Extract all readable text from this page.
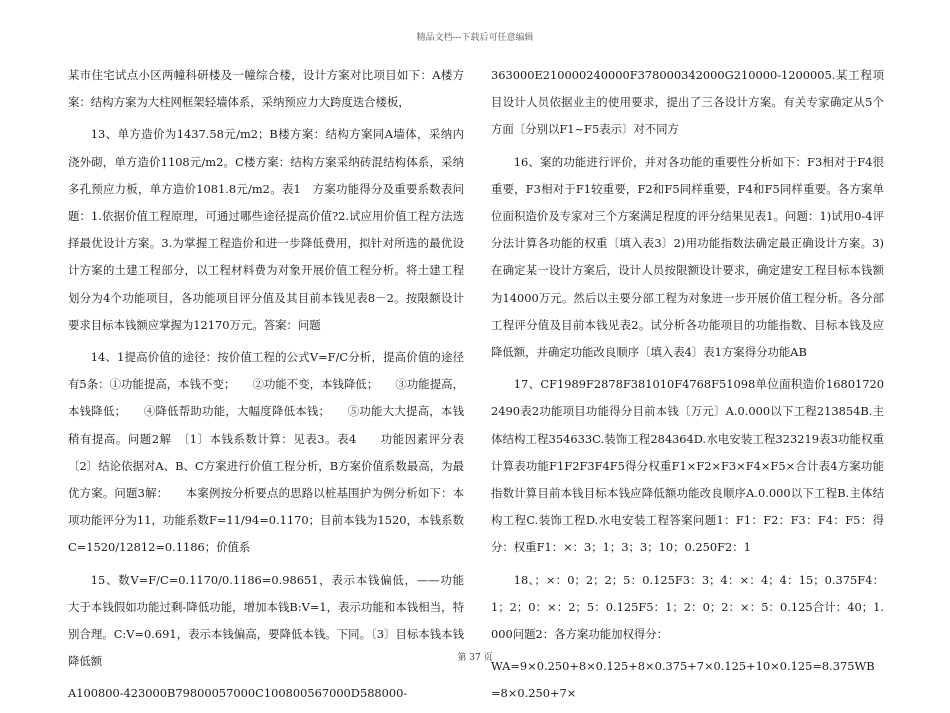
精品文档---下载后可任意编辑

某市住宅试点小区两幢科研楼及一幢综合楼，设计方案对比项目如下：A楼方案：结构方案为大柱网框架轻墙体系，采纳预应力大跨度迭合楼板，

13、单方造价为1437.58元/m2；B楼方案：结构方案同A墙体，采纳内浇外砌，单方造价1108元/m2。C楼方案：结构方案采纳砖混结构体系，采纳多孔预应力板，单方造价1081.8元/m2。表1　方案功能得分及重要系数表问题：1.依据价值工程原理，可通过哪些途径提高价值?2.试应用价值工程方法选择最优设计方案。3.为掌握工程造价和进一步降低费用，拟针对所选的最优设计方案的土建工程部分，以工程材料费为对象开展价值工程分析。将土建工程划分为4个功能项目，各功能项目评分值及其目前本钱见表8－2。按限额设计要求目标本钱额应掌握为12170万元。答案：问题

14、1提高价值的途径：按价值工程的公式V=F/C分析，提高价值的途径有5条：①功能提高，本钱不变；　　②功能不变，本钱降低；　　③功能提高，本钱降低；　　④降低帮助功能，大幅度降低本钱；　　⑤功能大大提高，本钱稍有提高。问题2解　〔1〕本钱系数计算：见表3。表4　　功能因素评分表〔2〕结论依据对A、B、C方案进行价值工程分析，B方案价值系数最高，为最优方案。问题3解：　　本案例按分析要点的思路以桩基围护为例分析如下：本项功能评分为11，功能系数F=11/94=0.1170；目前本钱为1520，本钱系数C=1520/12812=0.1186；价值系

15、数V=F/C=0.1170/0.1186=0.98651，表示本钱偏低，——功能大于本钱假如功能过剩-降低功能，增加本钱B:V=1，表示功能和本钱相当，特别合理。C:V=0.691，表示本钱偏高，要降低本钱。下同。〔3〕目标本钱本钱降低额

A100800-423000B79800057000C100800567000D588000-

363000E210000240000F378000342000G210000-1200005.某工程项目设计人员依据业主的使用要求，提出了三各设计方案。有关专家确定从5个方面〔分别以F1~F5表示〕对不同方

16、案的功能进行评价，并对各功能的重要性分析如下：F3相对于F4很重要，F3相对于F1较重要，F2和F5同样重要，F4和F5同样重要。各方案单位面积造价及专家对三个方案满足程度的评分结果见表1。问题：1)试用0-4评分法计算各功能的权重〔填入表3〕2)用功能指数法确定最正确设计方案。3)在确定某一设计方案后，设计人员按限额设计要求，确定建安工程目标本钱额为14000万元。然后以主要分部工程为对象进一步开展价值工程分析。各分部工程评分值及目前本钱见表2。试分析各功能项目的功能指数、目标本钱及应降低额，并确定功能改良顺序〔填入表4〕表1方案得分功能AB

17、CF1989F2878F381010F4768F51098单位面积造价168017202490表2功能项目功能得分目前本钱〔万元〕A.0.000以下工程213854B.主体结构工程354633C.装饰工程284364D.水电安装工程323219表3功能权重计算表功能F1F2F3F4F5得分权重F1×F2×F3×F4×F5×合计表4方案功能指数计算目前本钱目标本钱应降低额功能改良顺序A.0.000以下工程B.主体结构工程C.装饰工程D.水电安装工程答案问题1：F1：F2：F3：F4：F5：得分：权重F1：×：3；1；3；3；10；0.250F2：1

18、；×：0；2；2；5：0.125F3：3；4：×：4；4：15；0.375F4：1；2；0：×：2；5：0.125F5：1；2：0；2：×：5：0.125合计：40；1.000问题2：各方案功能加权得分：

WA=9×0.250+8×0.125+8×0.375+7×0.125+10×0.125=8.375WB=8×0.250+7×

第 37 页
